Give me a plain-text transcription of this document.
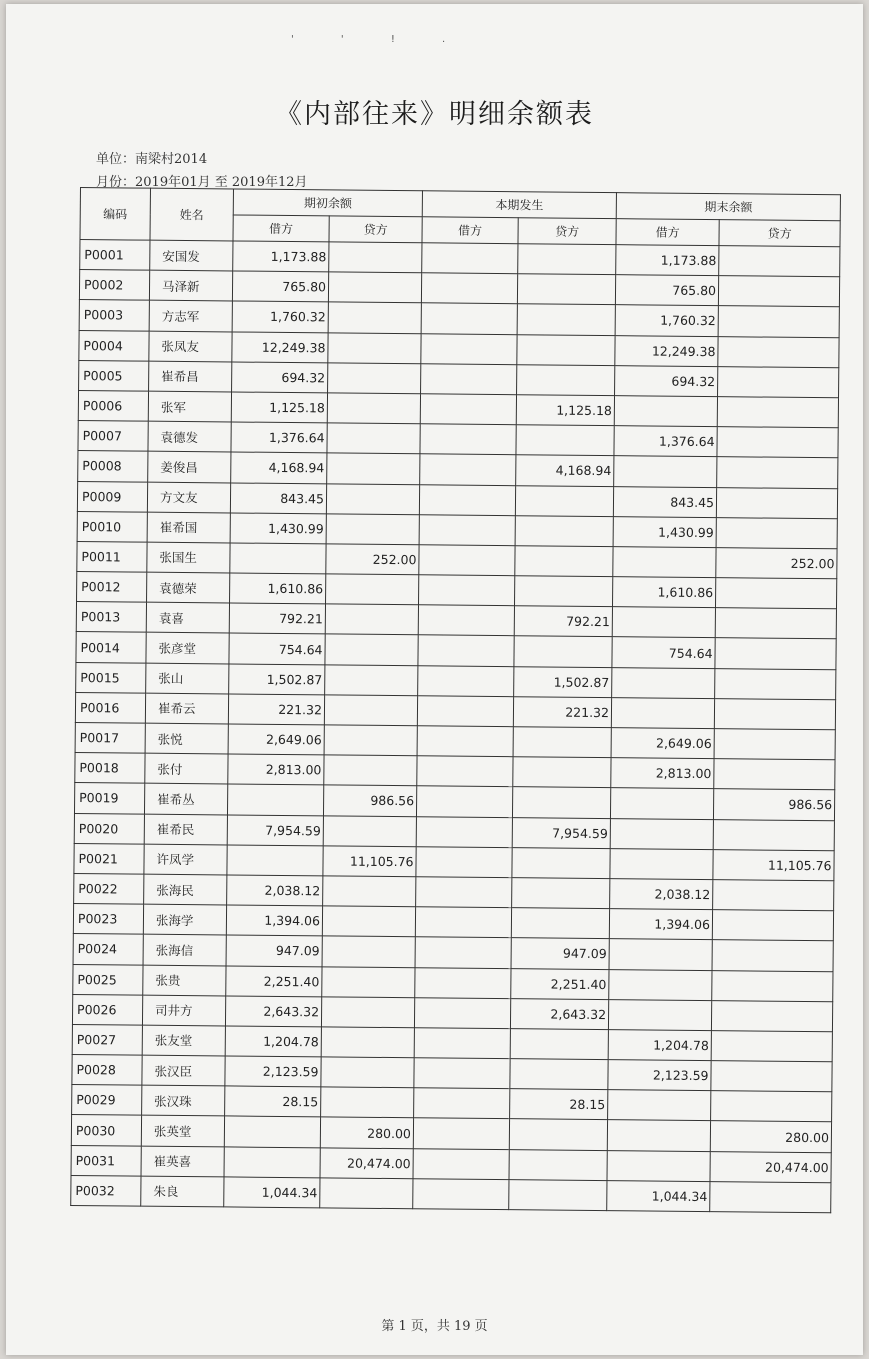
' ' ! .
《内部往来》明细余额表
单位：南梁村2014
月份：2019年01月 至 2019年12月
编码	姓名	期初余额		本期发生		期末余额	
		借方	贷方	借方	贷方	借方	贷方
P0001	安国发	1,173.88				1,173.88	
P0002	马泽新	765.80				765.80	
P0003	方志军	1,760.32				1,760.32	
P0004	张凤友	12,249.38				12,249.38	
P0005	崔希昌	694.32				694.32	
P0006	张军	1,125.18			1,125.18		
P0007	袁德发	1,376.64				1,376.64	
P0008	姜俊昌	4,168.94			4,168.94		
P0009	方文友	843.45				843.45	
P0010	崔希国	1,430.99				1,430.99	
P0011	张国生		252.00				252.00
P0012	袁德荣	1,610.86				1,610.86	
P0013	袁喜	792.21			792.21		
P0014	张彦堂	754.64				754.64	
P0015	张山	1,502.87			1,502.87		
P0016	崔希云	221.32			221.32		
P0017	张悦	2,649.06				2,649.06	
P0018	张付	2,813.00				2,813.00	
P0019	崔希丛		986.56				986.56
P0020	崔希民	7,954.59			7,954.59		
P0021	许凤学		11,105.76				11,105.76
P0022	张海民	2,038.12				2,038.12	
P0023	张海学	1,394.06				1,394.06	
P0024	张海信	947.09			947.09		
P0025	张贵	2,251.40			2,251.40		
P0026	司井方	2,643.32			2,643.32		
P0027	张友堂	1,204.78				1,204.78	
P0028	张汉臣	2,123.59				2,123.59	
P0029	张汉珠	28.15			28.15		
P0030	张英堂		280.00				280.00
P0031	崔英喜		20,474.00				20,474.00
P0032	朱良	1,044.34				1,044.34	
第 1 页，共 19 页
